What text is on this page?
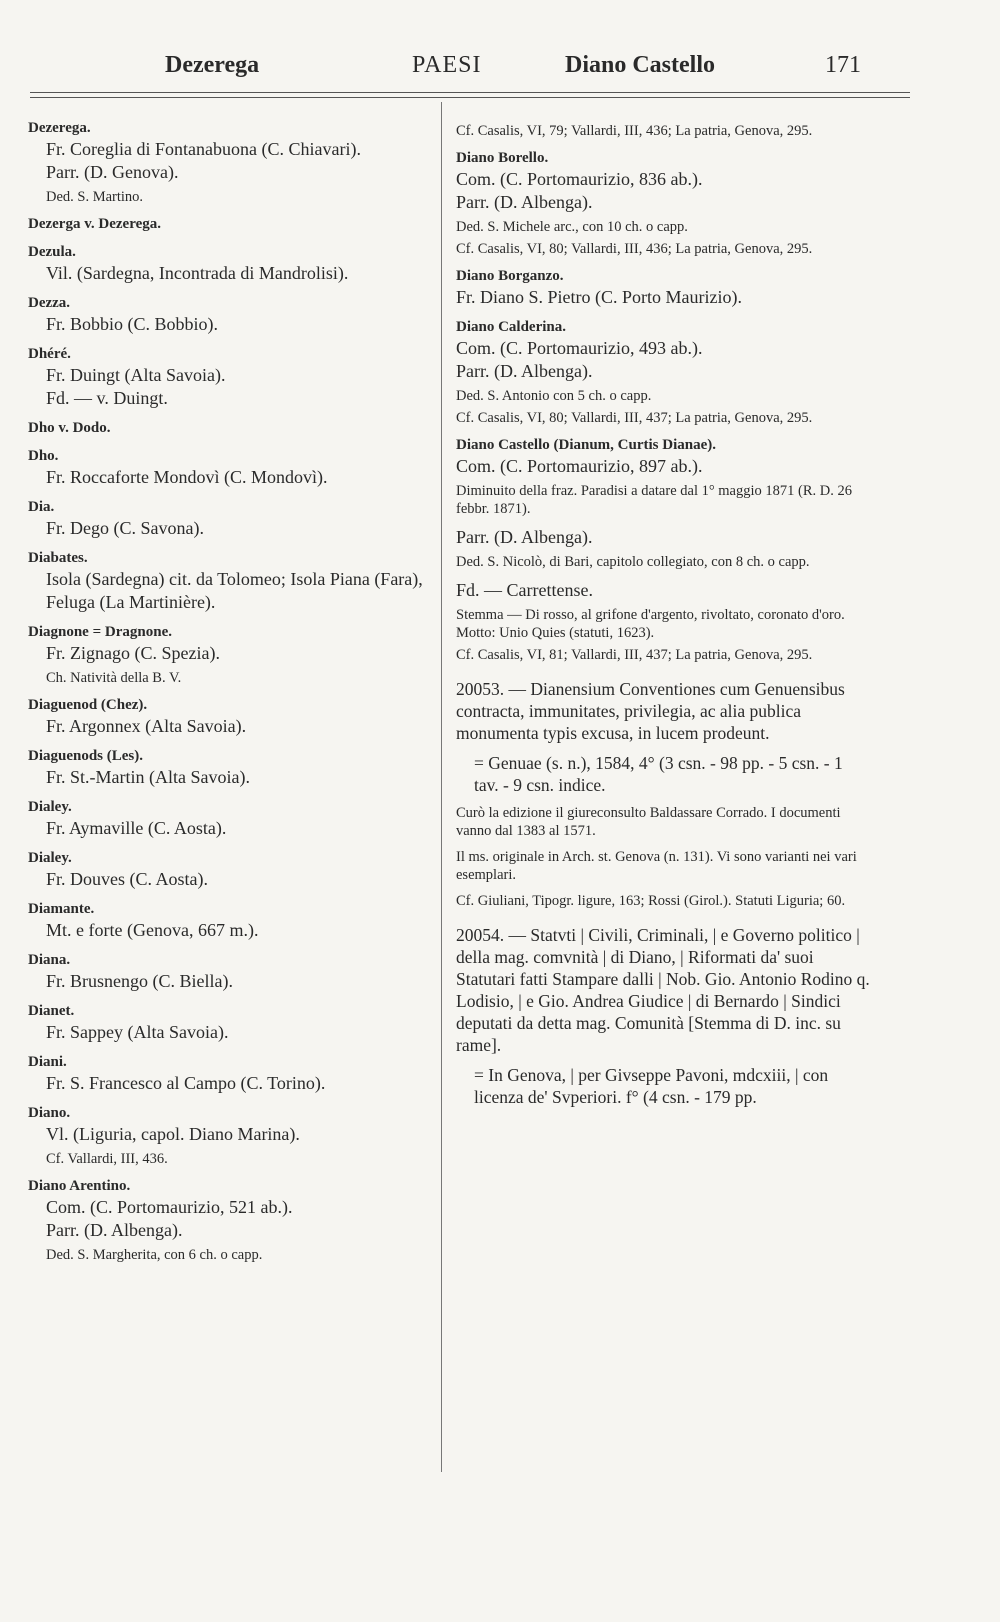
Dezerega	PAESI	Diano Castello	171
Dezerega.
Fr. Coreglia di Fontanabuona (C. Chiavari).
Parr. (D. Genova).
Ded. S. Martino.
Dezerga v. Dezerega.
Dezula.
Vil. (Sardegna, Incontrada di Mandrolisi).
Dezza.
Fr. Bobbio (C. Bobbio).
Dhéré.
Fr. Duingt (Alta Savoia).
Fd. — v. Duingt.
Dho v. Dodo.
Dho.
Fr. Roccaforte Mondovì (C. Mondovì).
Dia.
Fr. Dego (C. Savona).
Diabates.
Isola (Sardegna) cit. da Tolomeo; Isola Piana (Fara), Feluga (La Martinière).
Diagnone = Dragnone.
Fr. Zignago (C. Spezia).
Ch. Natività della B. V.
Diaguenod (Chez).
Fr. Argonnex (Alta Savoia).
Diaguenods (Les).
Fr. St.-Martin (Alta Savoia).
Dialey.
Fr. Aymaville (C. Aosta).
Dialey.
Fr. Douves (C. Aosta).
Diamante.
Mt. e forte (Genova, 667 m.).
Diana.
Fr. Brusnengo (C. Biella).
Dianet.
Fr. Sappey (Alta Savoia).
Diani.
Fr. S. Francesco al Campo (C. Torino).
Diano.
Vl. (Liguria, capol. Diano Marina).
Cf. Vallardi, III, 436.
Diano Arentino.
Com. (C. Portomaurizio, 521 ab.).
Parr. (D. Albenga).
Ded. S. Margherita, con 6 ch. o capp.
Cf. Casalis, VI, 79; Vallardi, III, 436; La patria, Genova, 295.
Diano Borello.
Com. (C. Portomaurizio, 836 ab.).
Parr. (D. Albenga).
Ded. S. Michele arc., con 10 ch. o capp.
Cf. Casalis, VI, 80; Vallardi, III, 436; La patria, Genova, 295.
Diano Borganzo.
Fr. Diano S. Pietro (C. Porto Maurizio).
Diano Calderina.
Com. (C. Portomaurizio, 493 ab.).
Parr. (D. Albenga).
Ded. S. Antonio con 5 ch. o capp.
Cf. Casalis, VI, 80; Vallardi, III, 437; La patria, Genova, 295.
Diano Castello (Dianum, Curtis Dianae).
Com. (C. Portomaurizio, 897 ab.).
Diminuito della fraz. Paradisi a datare dal 1° maggio 1871 (R. D. 26 febbr. 1871).
Parr. (D. Albenga).
Ded. S. Nicolò, di Bari, capitolo collegiato, con 8 ch. o capp.
Fd. — Carrettense.
Stemma — Di rosso, al grifone d'argento, rivoltato, coronato d'oro. Motto: Unio Quies (statuti, 1623).
Cf. Casalis, VI, 81; Vallardi, III, 437; La patria, Genova, 295.
20053. — Dianensium Conventiones cum Genuensibus contracta, immunitates, privilegia, ac alia publica monumenta typis excusa, in lucem prodeunt.
= Genuae (s. n.), 1584, 4° (3 csn. - 98 pp. - 5 csn. - 1 tav. - 9 csn. indice.
Curò la edizione il giureconsulto Baldassare Corrado. I documenti vanno dal 1383 al 1571.
Il ms. originale in Arch. st. Genova (n. 131). Vi sono varianti nei vari esemplari.
Cf. Giuliani, Tipogr. ligure, 163; Rossi (Girol.). Statuti Liguria; 60.
20054. — Statvti | Civili, Criminali, | e Governo politico | della mag. comvnità | di Diano, | Riformati da' suoi Statutari fatti Stampare dalli | Nob. Gio. Antonio Rodino q. Lodisio, | e Gio. Andrea Giudice | di Bernardo | Sindici deputati da detta mag. Comunità [Stemma di D. inc. su rame].
= In Genova, | per Givseppe Pavoni, mdcxiii, | con licenza de' Svperiori. f° (4 csn. - 179 pp.
